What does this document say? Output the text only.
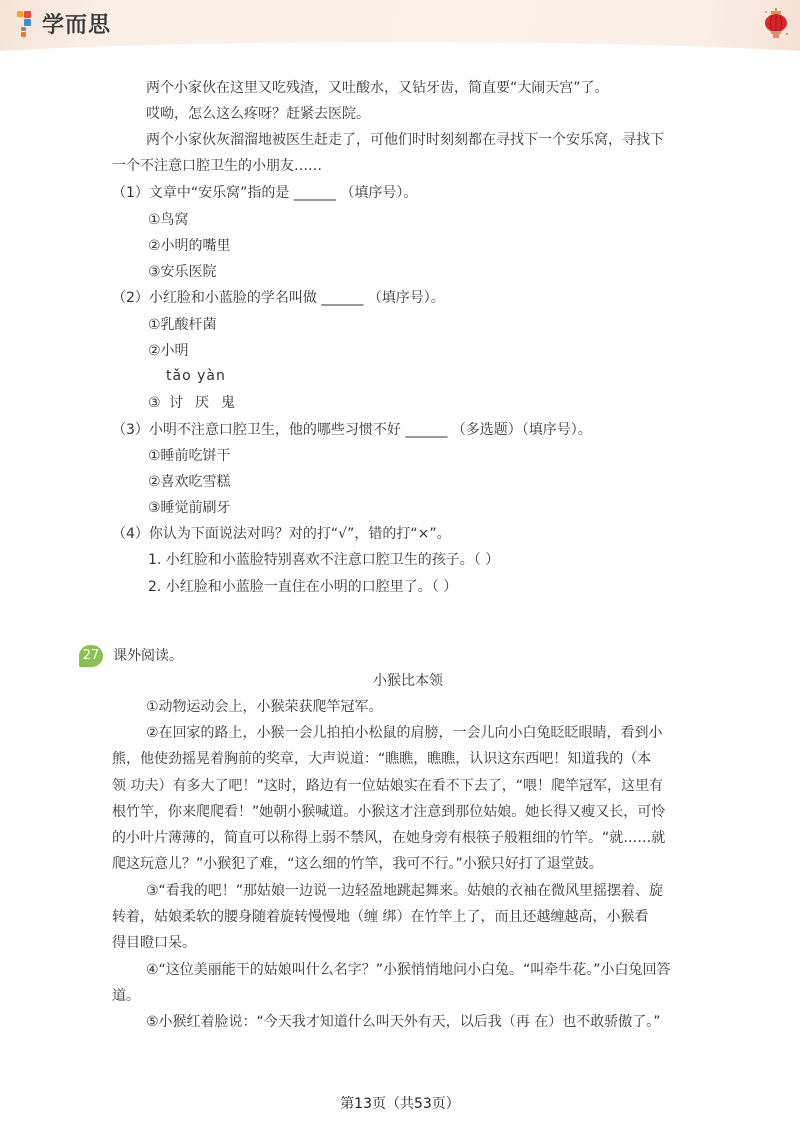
学而思
两个小家伙在这里又吃残渣，又吐酸水，又钻牙齿，简直要“大闹天宫”了。
哎呦，怎么这么疼呀？赶紧去医院。
两个小家伙灰溜溜地被医生赶走了，可他们时时刻刻都在寻找下一个安乐窝，寻找下
一个不注意口腔卫生的小朋友……
（1）文章中“安乐窝”指的是 ______ （填序号）。
①鸟窝
②小明的嘴里
③安乐医院
（2）小红脸和小蓝脸的学名叫做 ______ （填序号）。
①乳酸杆菌
②小明
tǎo yàn
③ 讨厌鬼
（3）小明不注意口腔卫生，他的哪些习惯不好 ______ （多选题）（填序号）。
①睡前吃饼干
②喜欢吃雪糕
③睡觉前刷牙
（4）你认为下面说法对吗？对的打“√”，错的打“×”。
1. 小红脸和小蓝脸特别喜欢不注意口腔卫生的孩子。（ ）
2. 小红脸和小蓝脸一直住在小明的口腔里了。（ ）
27 课外阅读。
小猴比本领
①动物运动会上，小猴荣获爬竿冠军。
②在回家的路上，小猴一会儿拍拍小松鼠的肩膀，一会儿向小白兔眨眨眼睛，看到小
熊，他使劲摇晃着胸前的奖章，大声说道：“瞧瞧，瞧瞧，认识这东西吧！知道我的（本
领 功夫）有多大了吧！”这时，路边有一位姑娘实在看不下去了，“喂！爬竿冠军，这里有
根竹竿，你来爬爬看！”她朝小猴喊道。小猴这才注意到那位姑娘。她长得又瘦又长，可怜
的小叶片薄薄的，简直可以称得上弱不禁风，在她身旁有根筷子般粗细的竹竿。“就……就
爬这玩意儿？”小猴犯了难，“这么细的竹竿，我可不行。”小猴只好打了退堂鼓。
③“看我的吧！”那姑娘一边说一边轻盈地跳起舞来。姑娘的衣袖在微风里摇摆着、旋
转着，姑娘柔软的腰身随着旋转慢慢地（缠 绑）在竹竿上了，而且还越缠越高，小猴看
得目瞪口呆。
④“这位美丽能干的姑娘叫什么名字？”小猴悄悄地问小白兔。“叫牵牛花。”小白兔回答
道。
⑤小猴红着脸说：“今天我才知道什么叫天外有天，以后我（再 在）也不敢骄傲了。”
第13页（共53页）
